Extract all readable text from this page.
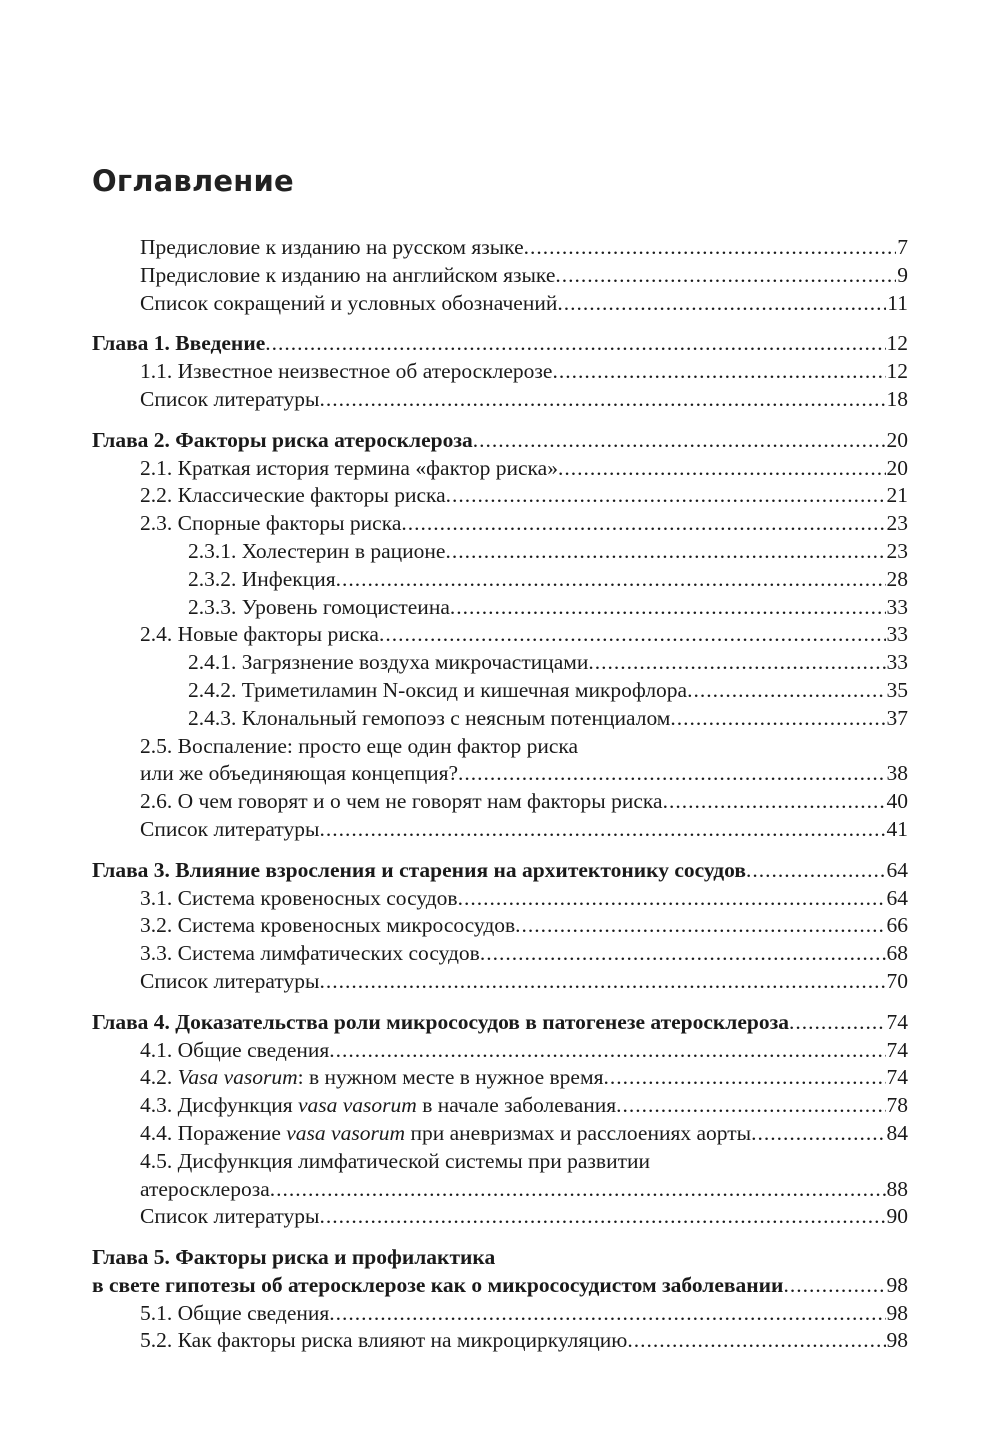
Оглавление
Предисловие к изданию на русском языке .....	7
Предисловие к изданию на английском языке .....	9
Список сокращений и условных обозначений .....	11
Глава 1. Введение .....	12
1.1. Известное неизвестное об атеросклерозе .....	12
Список литературы .....	18
Глава 2. Факторы риска атеросклероза .....	20
2.1. Краткая история термина «фактор риска» .....	20
2.2. Классические факторы риска .....	21
2.3. Спорные факторы риска .....	23
2.3.1. Холестерин в рационе .....	23
2.3.2. Инфекция .....	28
2.3.3. Уровень гомоцистеина .....	33
2.4. Новые факторы риска .....	33
2.4.1. Загрязнение воздуха микрочастицами .....	33
2.4.2. Триметиламин N-оксид и кишечная микрофлора .....	35
2.4.3. Клональный гемопоэз с неясным потенциалом .....	37
2.5. Воспаление: просто еще один фактор риска
или же объединяющая концепция? .....	38
2.6. О чем говорят и о чем не говорят нам факторы риска .....	40
Список литературы .....	41
Глава 3. Влияние взросления и старения на архитектонику сосудов .....	64
3.1. Система кровеносных сосудов .....	64
3.2. Система кровеносных микрососудов .....	66
3.3. Система лимфатических сосудов .....	68
Список литературы .....	70
Глава 4. Доказательства роли микрососудов в патогенезе атеросклероза .....	74
4.1. Общие сведения .....	74
4.2. Vasa vasorum: в нужном месте в нужное время .....	74
4.3. Дисфункция vasa vasorum в начале заболевания .....	78
4.4. Поражение vasa vasorum при аневризмах и расслоениях аорты .....	84
4.5. Дисфункция лимфатической системы при развитии
атеросклероза .....	88
Список литературы .....	90
Глава 5. Факторы риска и профилактика
в свете гипотезы об атеросклерозе как о микрососудистом заболевании .....	98
5.1. Общие сведения .....	98
5.2. Как факторы риска влияют на микроциркуляцию .....	98
